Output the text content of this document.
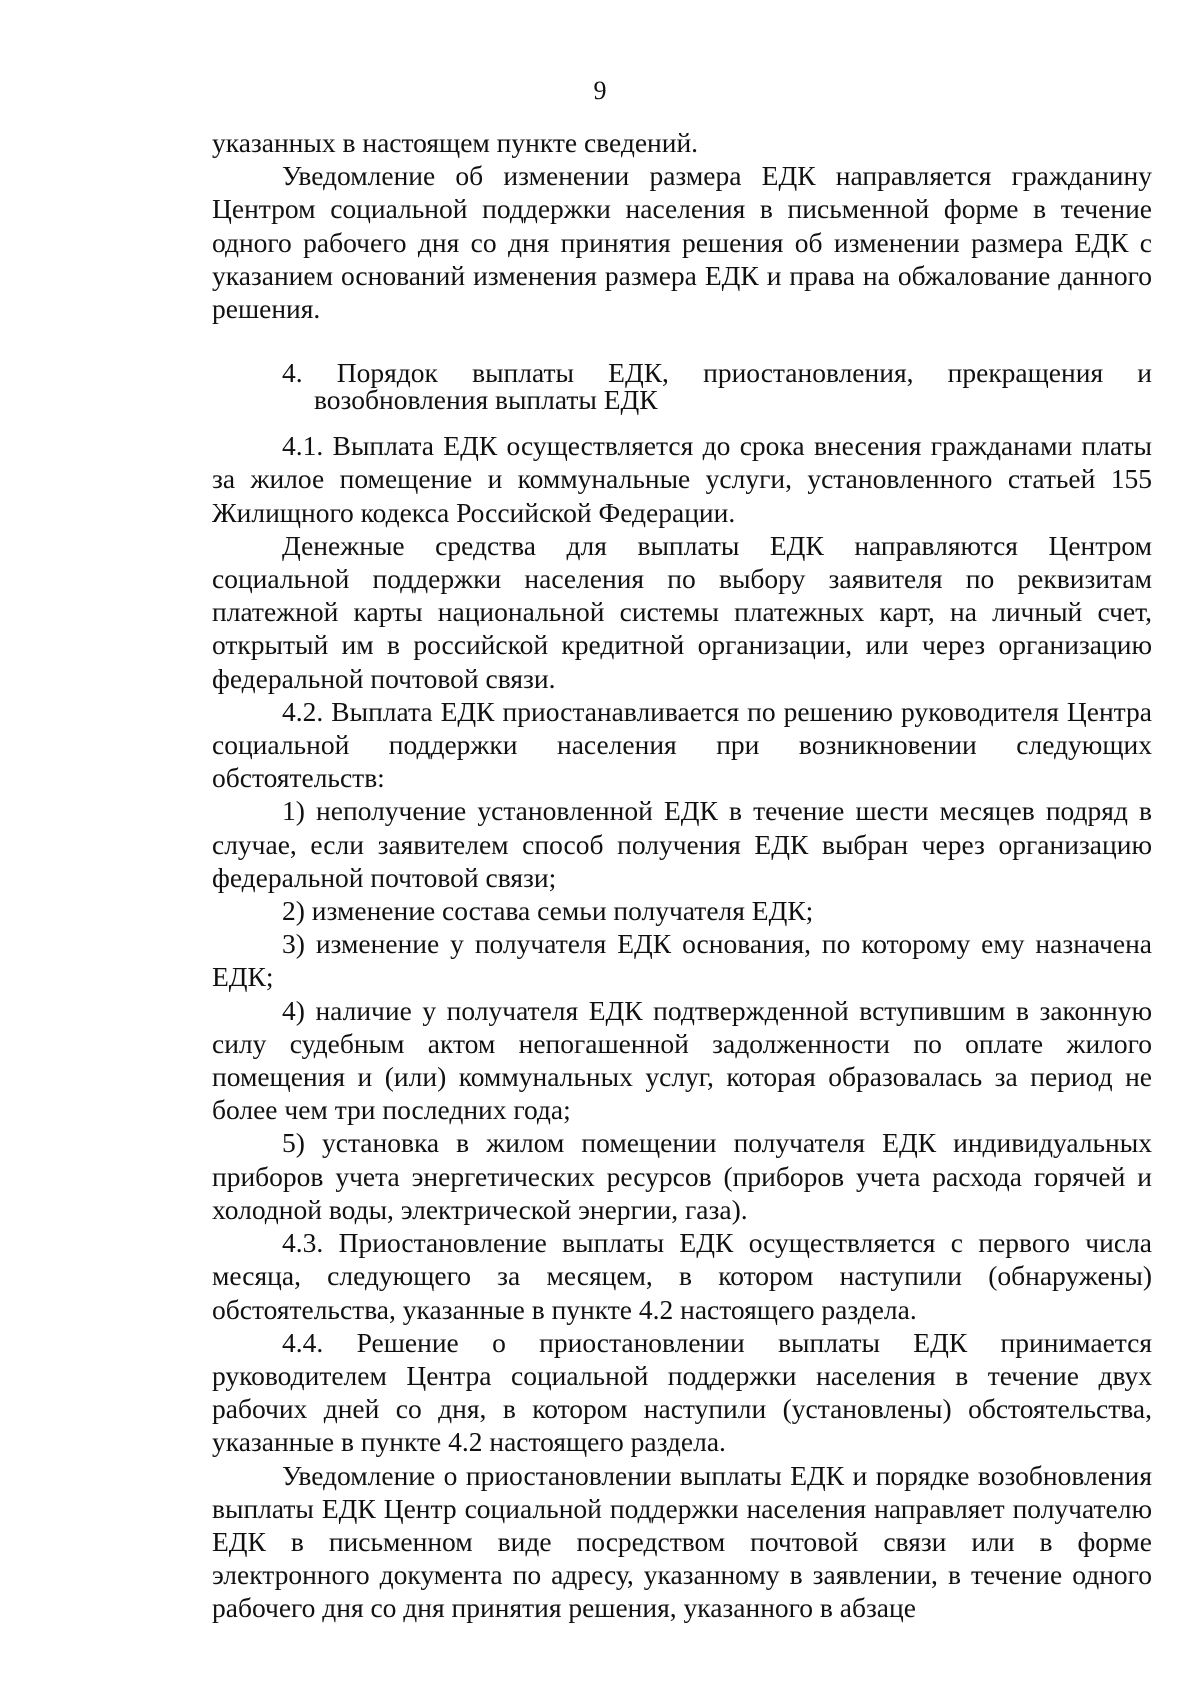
9

указанных в настоящем пункте сведений.

Уведомление об изменении размера ЕДК направляется гражданину Центром социальной поддержки населения в письменной форме в течение одного рабочего дня со дня принятия решения об изменении размера ЕДК с указанием оснований изменения размера ЕДК и права на обжалование данного решения.

4. Порядок выплаты ЕДК, приостановления, прекращения и
возобновления выплаты ЕДК

4.1. Выплата ЕДК осуществляется до срока внесения гражданами платы за жилое помещение и коммунальные услуги, установленного статьей 155 Жилищного кодекса Российской Федерации.

Денежные средства для выплаты ЕДК направляются Центром социальной поддержки населения по выбору заявителя по реквизитам платежной карты национальной системы платежных карт, на личный счет, открытый им в российской кредитной организации, или через организацию федеральной почтовой связи.

4.2. Выплата ЕДК приостанавливается по решению руководителя Центра социальной поддержки населения при возникновении следующих обстоятельств:

1) неполучение установленной ЕДК в течение шести месяцев подряд в случае, если заявителем способ получения ЕДК выбран через организацию федеральной почтовой связи;

2) изменение состава семьи получателя ЕДК;

3) изменение у получателя ЕДК основания, по которому ему назначена ЕДК;

4) наличие у получателя ЕДК подтвержденной вступившим в законную силу судебным актом непогашенной задолженности по оплате жилого помещения и (или) коммунальных услуг, которая образовалась за период не более чем три последних года;

5) установка в жилом помещении получателя ЕДК индивидуальных приборов учета энергетических ресурсов (приборов учета расхода горячей и холодной воды, электрической энергии, газа).

4.3. Приостановление выплаты ЕДК осуществляется с первого числа месяца, следующего за месяцем, в котором наступили (обнаружены) обстоятельства, указанные в пункте 4.2 настоящего раздела.

4.4. Решение о приостановлении выплаты ЕДК принимается руководителем Центра социальной поддержки населения в течение двух рабочих дней со дня, в котором наступили (установлены) обстоятельства, указанные в пункте 4.2 настоящего раздела.

Уведомление о приостановлении выплаты ЕДК и порядке возобновления выплаты ЕДК Центр социальной поддержки населения направляет получателю ЕДК в письменном виде посредством почтовой связи или в форме электронного документа по адресу, указанному в заявлении, в течение одного рабочего дня со дня принятия решения, указанного в абзаце
